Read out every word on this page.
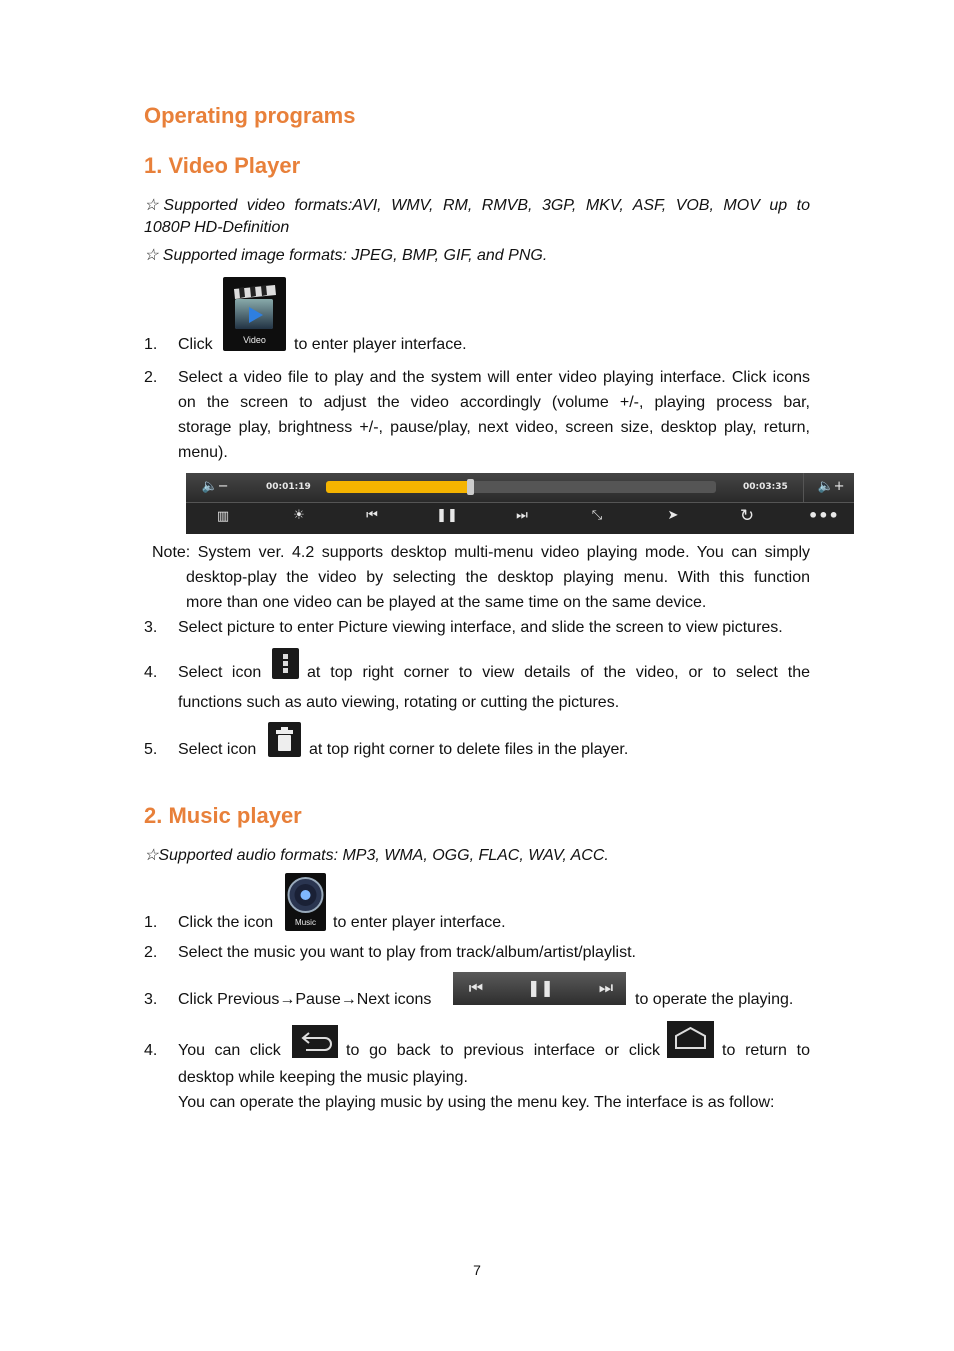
Operating programs
1. Video Player
☆Supported video formats:AVI, WMV, RM, RMVB, 3GP, MKV, ASF, VOB, MOV up to
1080P HD-Definition
☆ Supported image formats: JPEG, BMP, GIF, and PNG.
1. Click	Video	to enter player interface.
2. Select a video file to play and the system will enter video playing interface. Click icons
on the screen to adjust the video accordingly (volume +/-, playing process bar,
storage play, brightness +/-, pause/play, next video, screen size, desktop play, return,
menu).
🔈−	00:01:19	00:03:35 🔈+
▥	☀	⏮	❚❚	⏭	⤡	➤	↻	•••
Note: System ver. 4.2 supports desktop multi-menu video playing mode. You can simply
desktop-play the video by selecting the desktop playing menu. With this function
more than one video can be played at the same time on the same device.
3. Select picture to enter Picture viewing interface, and slide the screen to view pictures.
4. Select icon	at top right corner to view details of the video, or to select the
functions such as auto viewing, rotating or cutting the pictures.
5. Select icon	at top right corner to delete files in the player.
2. Music player
☆Supported audio formats: MP3, WMA, OGG, FLAC, WAV, ACC.
1. Click the icon	Music	to enter player interface.
2. Select the music you want to play from track/album/artist/playlist.
3. Click Previous→Pause→Next icons
⏮	❚❚	⏭
to operate the playing.
4. You can click	to go back to previous interface or click	to return to
desktop while keeping the music playing.
You can operate the playing music by using the menu key. The interface is as follow:
7
